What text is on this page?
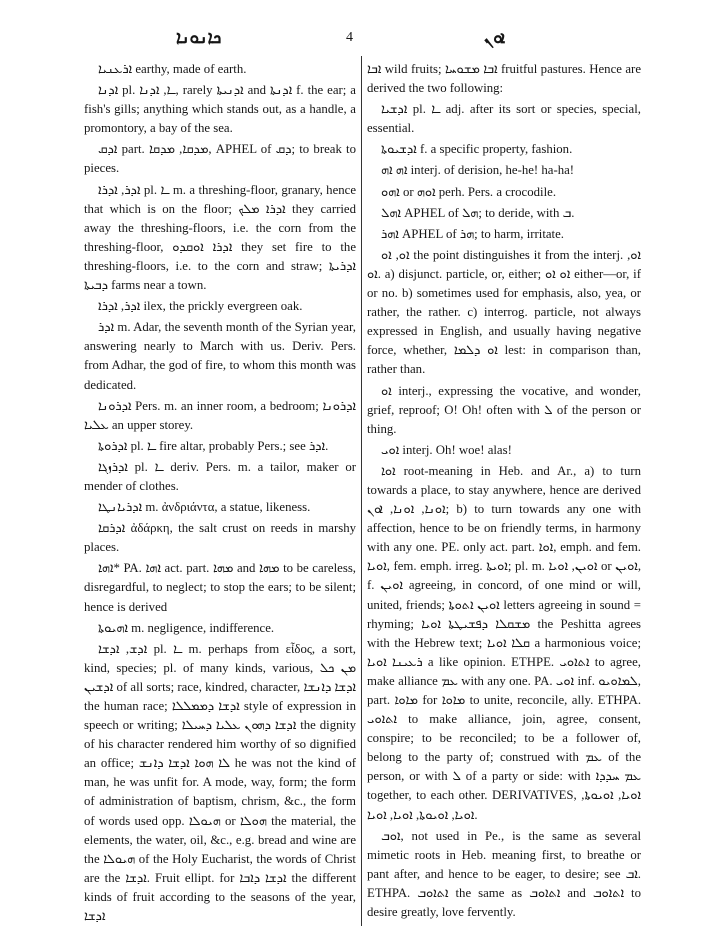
ܟܐܢܘܢܐ	4	ܐܘܢ

ܐܪܥܢܝܐ earthy, made of earth.

ܐܕܢܐ pl. ـܐ, ܐܕܢܐ, rarely ܐܕܢܝܬܐ and ܐܕܢܬܐ f. the ear; a fish's gills; anything which stands out, as a handle, a promontory, a bay of the sea.

ܐܕܩ part. ܡܕܩܐ, ܡܕܩܐ, APHEL of ܕܩ; to break to pieces.

ܐܕܪ, ܐܕܪܐ pl. ـܐ m. a threshing-floor, granary, hence that which is on the floor; ܐܕܪܐ ܡܠܟ they carried away the threshing-floors, i.e. the corn from the threshing-floor, ܐܕܪܐ ܐܘܩܕܘ they set fire to the threshing-floors, i.e. to the corn and straw; ܐܕܪܝܬܐ ܕܒܝܬܐ farms near a town.

ܐܕܪ, ܐܕܪܐ ilex, the prickly evergreen oak.

ܐܕܪ m. Adar, the seventh month of the Syrian year, answering nearly to March with us. Deriv. Pers. from Adhar, the god of fire, to whom this month was dedicated.

ܐܕܪܘܢܐ Pers. m. an inner room, a bedroom; ܐܕܪܘܢܐ ܥܠܝܐ an upper storey.

ܐܕܪܘܬܐ pl. ـܐ fire altar, probably Pers.; see ܐܕܪ.

ܐܕܪܙܓܐ pl. ـܐ deriv. Pers. m. a tailor, maker or mender of clothes.

ܐܕܪܝܐܢܛܐ m. ἀνδριάντα, a statue, likeness.

ܐܕܪܩܐ ἀδάρκη, the salt crust on reeds in marshy places.

ܐܗܐ* PA. ܐܗܐ act. part. ܡܗܐ and ܡܗܐ to be careless, disregardful, to neglect; to stop the ears; to be silent; hence is derived

ܐܗܝܘܬܐ m. negligence, indifference.

ܐܕܫ, ܐܕܫܐ pl. ـܐ m. perhaps from εἶδος, a sort, kind, species; pl. of many kinds, various, ܡܢ ܟܠ ܐܕܫܝܢ of all sorts; race, kindred, character, ܐܕܫܐ ܕܐܢܫܐ the human race; ܐܕܫܐ ܕܡܡܠܠܐ style of expression in speech or writing; ܐܕܫܐ ܕܗܘܢ ܥܠܝܐ ܕܚܝܠܐ the dignity of his character rendered him worthy of so dignified an office; ܠܐ ܗܘܐ ܐܕܫܐ ܕܐܢܫ he was not the kind of man, he was unfit for. A mode, way, form; the form of administration of baptism, chrism, &c., the form of words used opp. ܗܝܘܠܐ or ܗܘܠܐ the material, the elements, the water, oil, &c., e.g. bread and wine are the ܗܝܘܠܐ of the Holy Eucharist, the words of Christ are the ܐܕܫܐ. Fruit ellipt. for ܐܕܫܐ ܕܐܒܐ the different kinds of fruit according to the seasons of the year, ܐܕܫܐ

ܐܒܐ wild fruits; ܐܒܐ ܡܫܘܚܐ fruitful pastures. Hence are derived the two following:

ܐܕܫܝܐ pl. ـܐ adj. after its sort or species, special, essential.

ܐܕܫܝܘܬܐ f. a specific property, fashion.

ܐܗ ܐܗ interj. of derision, he-he! ha-ha!

ܐܗܘ or ܐܘܗ perh. Pers. a crocodile.

ܐܗܠ APHEL of ܗܠ; to deride, with ܒ.

ܐܗܪ APHEL of ܗܪ; to harm, irritate.

ܐܘ, ܐܘ the point distinguishes it from the interj. ܐܘ, ܐܘ. a) disjunct. particle, or, either; ܐܘ ܐܘ either—or, if or no. b) sometimes used for emphasis, also, yea, or rather, the rather. c) interrog. particle, not always expressed in English, and usually having negative force, whether, ܐܘ ܕܠܡܐ lest: in comparison than, rather than.

ܐܘ interj., expressing the vocative, and wonder, grief, reproof; O! Oh! often with ܠ of the person or thing.

ܐܘܝ interj. Oh! woe! alas!

ܐܘܐ root-meaning in Heb. and Ar., a) to turn towards a place, to stay anywhere, hence are derived ܐܘܢܐ, ܐܘܢܐ, ܐܘܢ; b) to turn towards any one with affection, hence to be on friendly terms, in harmony with any one. PE. only act. part. ܐܘܐ, emph. and fem. ܐܘܝܐ, fem. emph. irreg. ܐܘܝܬܐ; pl. m. ܐܘܝܢ, ܐܘܝܐ or ܐܘܝܢ, f. ܐܘܝܢ agreeing, in concord, of one mind or will, united, friends; ܐܘܝܢ ܐܬܘܬܐ letters agreeing in sound = rhyming; ܡܫܩܠܐ ܕܦܫܝܛܬܐ ܐܘܝܐ the Peshitta agrees with the Hebrew text; ܩܠܐ ܐܘܝܐ a harmonious voice; ܪܥܝܢܐ ܐܘܝܐ a like opinion. ETHPE. ܐܬܐܘܝ to agree, make alliance ܥܡ with any one. PA. ܐܘܝ inf. ܠܡܐܘܝܘ, part. ܡܐܘܐ for ܡܐܘܐ to unite, reconcile, ally. ETHPA. ܐܬܐܘܝ to make alliance, join, agree, consent, conspire; to be reconciled; to be a follower of, belong to the party of; construed with ܥܡ of the person, or with ܠ of a party or side: with ܥܡ ܚܕܕܐ together, to each other. DERIVATIVES, ܐܘܝܐ, ܐܘܝܘܬܐ, ܐܘܝܐ, ܐܘܝܘܬܐ, ܐܘܝܐ, ܐܘܝܐ.

ܐܘܒ, not used in Pe., is the same as several mimetic roots in Heb. meaning first, to breathe or pant after, and hence to be eager, to desire; see ܐܒ. ETHPA. ܐܬܐܘܒ the same as ܐܬܐܘܒ and ܐܬܐܘܒ to desire greatly, love fervently.
